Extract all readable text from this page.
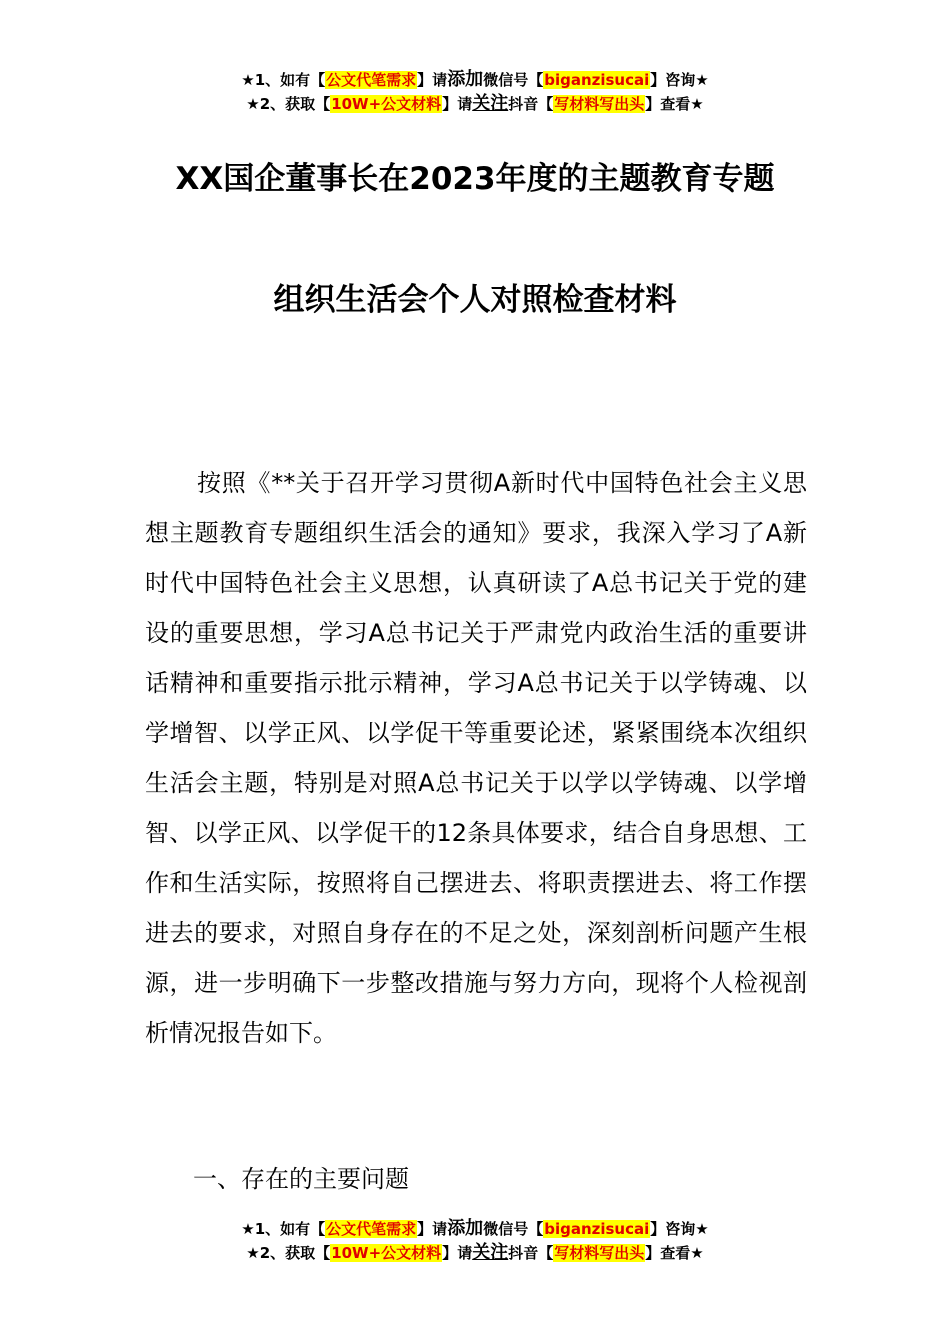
★1、如有【公文代笔需求】请添加微信号【biganzisucai】咨询★
★2、获取【10W+公文材料】请关注抖音【写材料写出头】查看★
XX国企董事长在2023年度的主题教育专题
组织生活会个人对照检查材料

按照《**关于召开学习贯彻A新时代中国特色社会主义思想主题教育专题组织生活会的通知》要求，我深入学习了A新时代中国特色社会主义思想，认真研读了A总书记关于党的建设的重要思想，学习A总书记关于严肃党内政治生活的重要讲话精神和重要指示批示精神，学习A总书记关于以学铸魂、以学增智、以学正风、以学促干等重要论述，紧紧围绕本次组织生活会主题，特别是对照A总书记关于以学以学铸魂、以学增智、以学正风、以学促干的12条具体要求，结合自身思想、工作和生活实际，按照将自己摆进去、将职责摆进去、将工作摆进去的要求，对照自身存在的不足之处，深刻剖析问题产生根源，进一步明确下一步整改措施与努力方向，现将个人检视剖析情况报告如下。

一、存在的主要问题

★1、如有【公文代笔需求】请添加微信号【biganzisucai】咨询★
★2、获取【10W+公文材料】请关注抖音【写材料写出头】查看★
